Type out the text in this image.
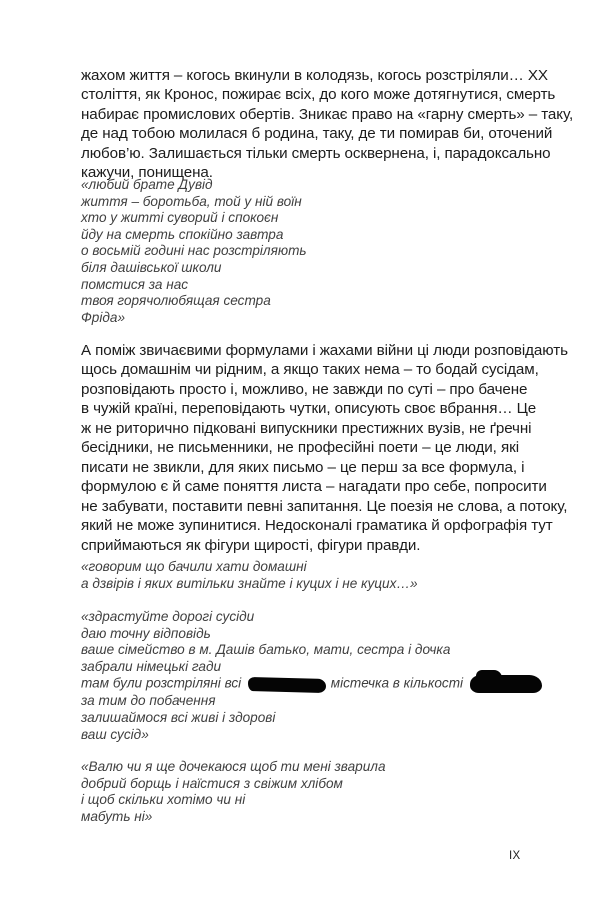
жахом життя – когось вкинули в колодязь, когось розстріляли… XX
століття, як Кронос, пожирає всіх, до кого може дотягнутися, смерть
набирає промислових обертів. Зникає право на «гарну смерть» – таку,
де над тобою молилася б родина, таку, де ти помирав би, оточений
любов’ю. Залишається тільки смерть осквернена, і, парадоксально
кажучи, понищена.
«любий брате Дувід
життя – боротьба, той у ній воїн
хто у житті суворий і спокоєн
йду на смерть спокійно завтра
о восьмій годині нас розстріляють
біля дашівської школи
помстися за нас
твоя горячолюбящая сестра
Фріда»
А поміж звичаєвими формулами і жахами війни ці люди розповідають
щось домашнім чи рідним, а якщо таких нема – то бодай сусідам,
розповідають просто і, можливо, не завжди по суті – про бачене
в чужій країні, переповідають чутки, описують своє вбрання… Це
ж не риторично підковані випускники престижних вузів, не ґречні
бесідники, не письменники, не професійні поети – це люди, які
писати не звикли, для яких письмо – це перш за все формула, і
формулою є й саме поняття листа – нагадати про себе, попросити
не забувати, поставити певні запитання. Це поезія не слова, а потоку,
який не може зупинитися. Недосконалі граматика й орфографія тут
сприймаються як фігури щирості, фігури правди.
«говорим що бачили хати домашні
а дзвірів і яких витільки знайте і куцих і не куцих…»
«здрастуйте дорогі сусіди
даю точну відповідь
ваше сімейство в м. Дашів батько, мати, сестра і дочка
забрали німецькі гади
там були розстріляні всі	містечка в кількості
за тим до побачення
залишаймося всі живі і здорові
ваш сусід»
«Валю чи я ще дочекаюся щоб ти мені зварила
добрий борщь і наїстися з свіжим хлібом
і щоб скільки хотімо чи ні
мабуть ні»
IX
